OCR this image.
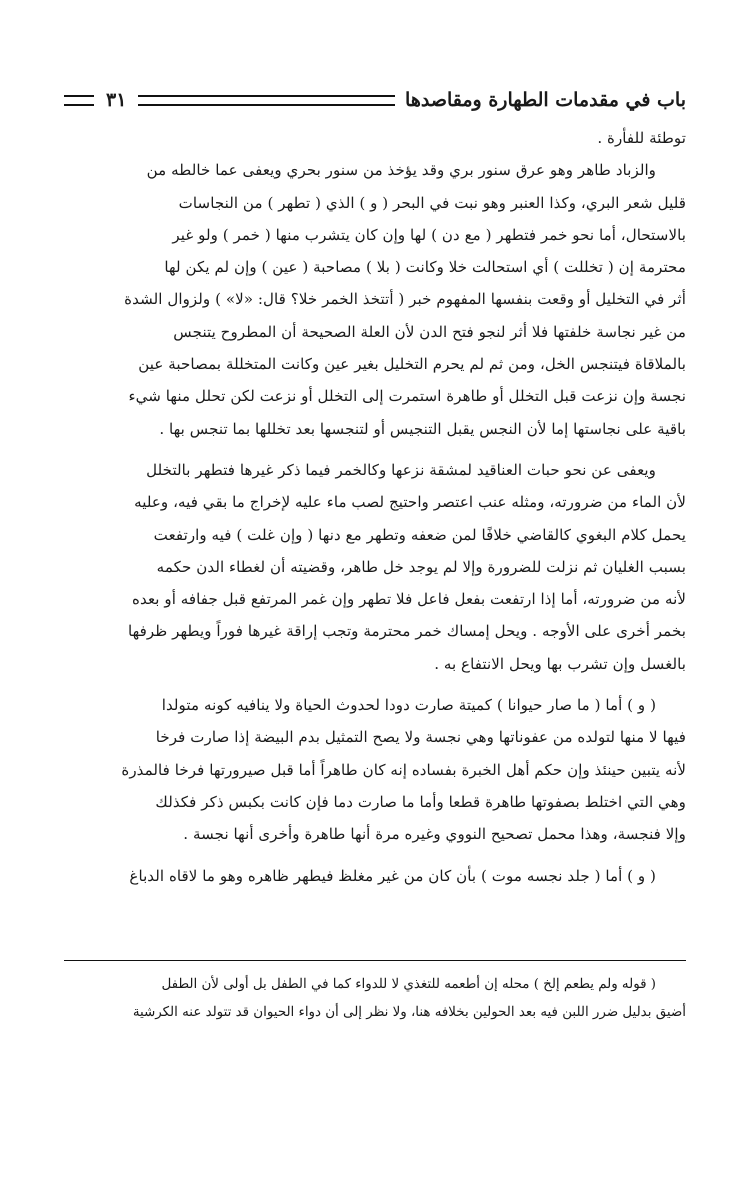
باب في مقدمات الطهارة ومقاصدها
٣١
توطئة للفأرة .
والزباد طاهر وهو عرق سنور بري وقد يؤخذ من سنور بحري ويعفى عما خالطه من
قليل شعر البري، وكذا العنبر وهو نبت في البحر ( و ) الذي ( تطهر ) من النجاسات
بالاستحال، أما نحو خمر فتطهر ( مع دن ) لها وإن كان يتشرب منها ( خمر ) ولو غير
محترمة إن ( تخللت ) أي استحالت خلا وكانت ( بلا ) مصاحبة ( عين ) وإن لم يكن لها
أثر في التخليل أو وقعت بنفسها المفهوم خبر ( أتتخذ الخمر خلا؟ قال: «لا» ) ولزوال الشدة
من غير نجاسة خلفتها فلا أثر لنجو فتح الدن لأن العلة الصحيحة أن المطروح يتنجس
بالملاقاة فيتنجس الخل، ومن ثم لم يحرم التخليل بغير عين وكانت المتخللة بمصاحبة عين
نجسة وإن نزعت قبل التخلل أو طاهرة استمرت إلى التخلل أو نزعت لكن تحلل منها شيء
باقية على نجاستها إما لأن النجس يقبل التنجيس أو لتنجسها بعد تخللها بما تنجس بها .
ويعفى عن نحو حبات العناقيد لمشقة نزعها وكالخمر فيما ذكر غيرها فتطهر بالتخلل
لأن الماء من ضرورته، ومثله عنب اعتصر واحتيج لصب ماء عليه لإخراج ما بقي فيه، وعليه
يحمل كلام البغوي كالقاضي خلافًا لمن ضعفه وتطهر مع دنها ( وإن غلت ) فيه وارتفعت
بسبب الغليان ثم نزلت للضرورة وإلا لم يوجد خل طاهر، وقضيته أن لغطاء الدن حكمه
لأنه من ضرورته، أما إذا ارتفعت بفعل فاعل فلا تطهر وإن غمر المرتفع قبل جفافه أو بعده
بخمر أخرى على الأوجه . ويحل إمساك خمر محترمة وتجب إراقة غيرها فوراً ويطهر ظرفها
بالغسل وإن تشرب بها ويحل الانتفاع به .
( و ) أما ( ما صار حيوانا ) كميتة صارت دودا لحدوث الحياة ولا ينافيه كونه متولدا
فيها لا منها لتولده من عفوناتها وهي نجسة ولا يصح التمثيل بدم البيضة إذا صارت فرخا
لأنه يتبين حينئذ وإن حكم أهل الخبرة بفساده إنه كان طاهراً أما قبل صيرورتها فرخا فالمذرة
وهي التي اختلط بصفوتها طاهرة قطعا وأما ما صارت دما فإن كانت بكبس ذكر فكذلك
وإلا فنجسة، وهذا محمل تصحيح النووي وغيره مرة أنها طاهرة وأخرى أنها نجسة .
( و ) أما ( جلد نجسه موت ) بأن كان من غير مغلظ فيطهر ظاهره وهو ما لاقاه الدباغ
( قوله ولم يطعم إلخ ) محله إن أطعمه للتغذي لا للدواء كما في الطفل بل أولى لأن الطفل
أضيق بدليل ضرر اللبن فيه بعد الحولين بخلافه هنا، ولا نظر إلى أن دواء الحيوان قد تتولد عنه الكرشية
